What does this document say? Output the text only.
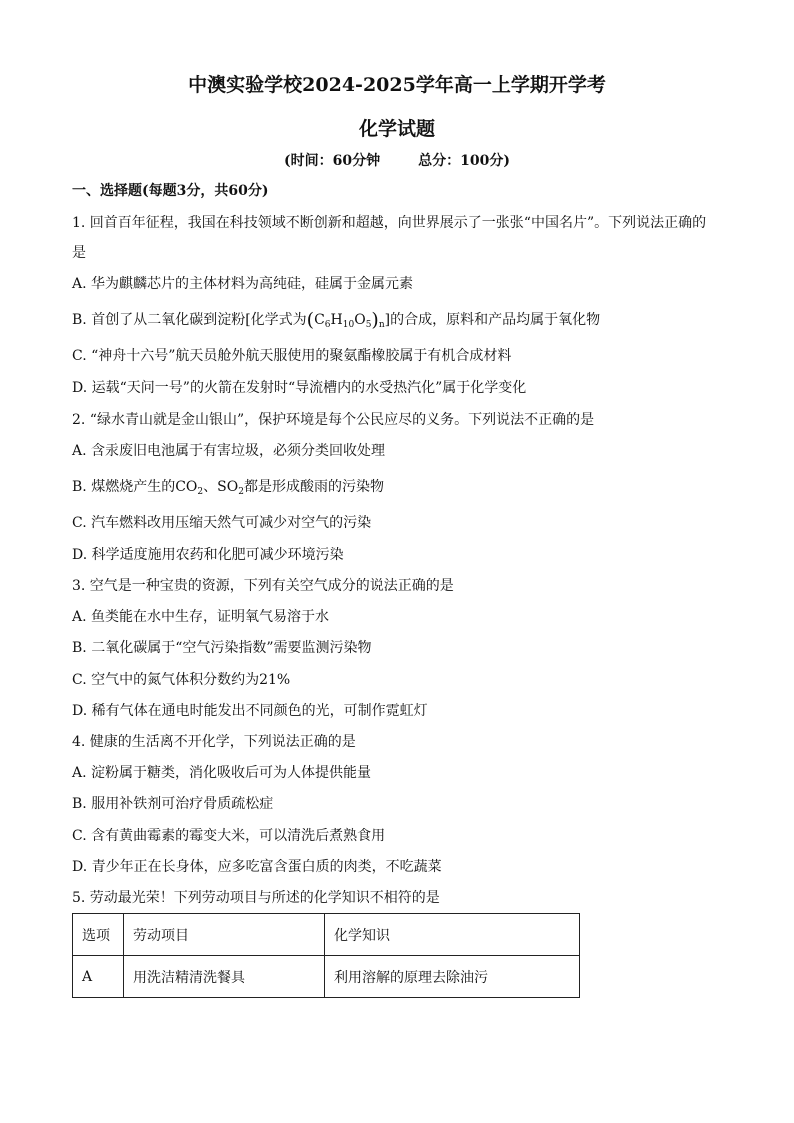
中澳实验学校2024-2025学年高一上学期开学考
化学试题
(时间：60分钟	总分：100分)
一、选择题(每题3分，共60分)
1. 回首百年征程，我国在科技领域不断创新和超越，向世界展示了一张张“中国名片”。下列说法正确的
是
A. 华为麒麟芯片的主体材料为高纯硅，硅属于金属元素
B. 首创了从二氧化碳到淀粉[化学式为$(C_6H_{10}O_5)_n$]的合成，原料和产品均属于氧化物
C. “神舟十六号”航天员舱外航天服使用的聚氨酯橡胶属于有机合成材料
D. 运载“天问一号”的火箭在发射时“导流槽内的水受热汽化”属于化学变化
2. “绿水青山就是金山银山”，保护环境是每个公民应尽的义务。下列说法不正确的是
A. 含汞废旧电池属于有害垃圾，必须分类回收处理
B. 煤燃烧产生的$CO_2$、$SO_2$都是形成酸雨的污染物
C. 汽车燃料改用压缩天然气可减少对空气的污染
D. 科学适度施用农药和化肥可减少环境污染
3. 空气是一种宝贵的资源，下列有关空气成分的说法正确的是
A. 鱼类能在水中生存，证明氧气易溶于水
B. 二氧化碳属于“空气污染指数”需要监测污染物
C. 空气中的氮气体积分数约为21%
D. 稀有气体在通电时能发出不同颜色的光，可制作霓虹灯
4. 健康的生活离不开化学，下列说法正确的是
A. 淀粉属于糖类，消化吸收后可为人体提供能量
B. 服用补铁剂可治疗骨质疏松症
C. 含有黄曲霉素的霉变大米，可以清洗后煮熟食用
D. 青少年正在长身体，应多吃富含蛋白质的肉类，不吃蔬菜
5. 劳动最光荣！下列劳动项目与所述的化学知识不相符的是
选项	劳动项目	化学知识
A	用洗洁精清洗餐具	利用溶解的原理去除油污
